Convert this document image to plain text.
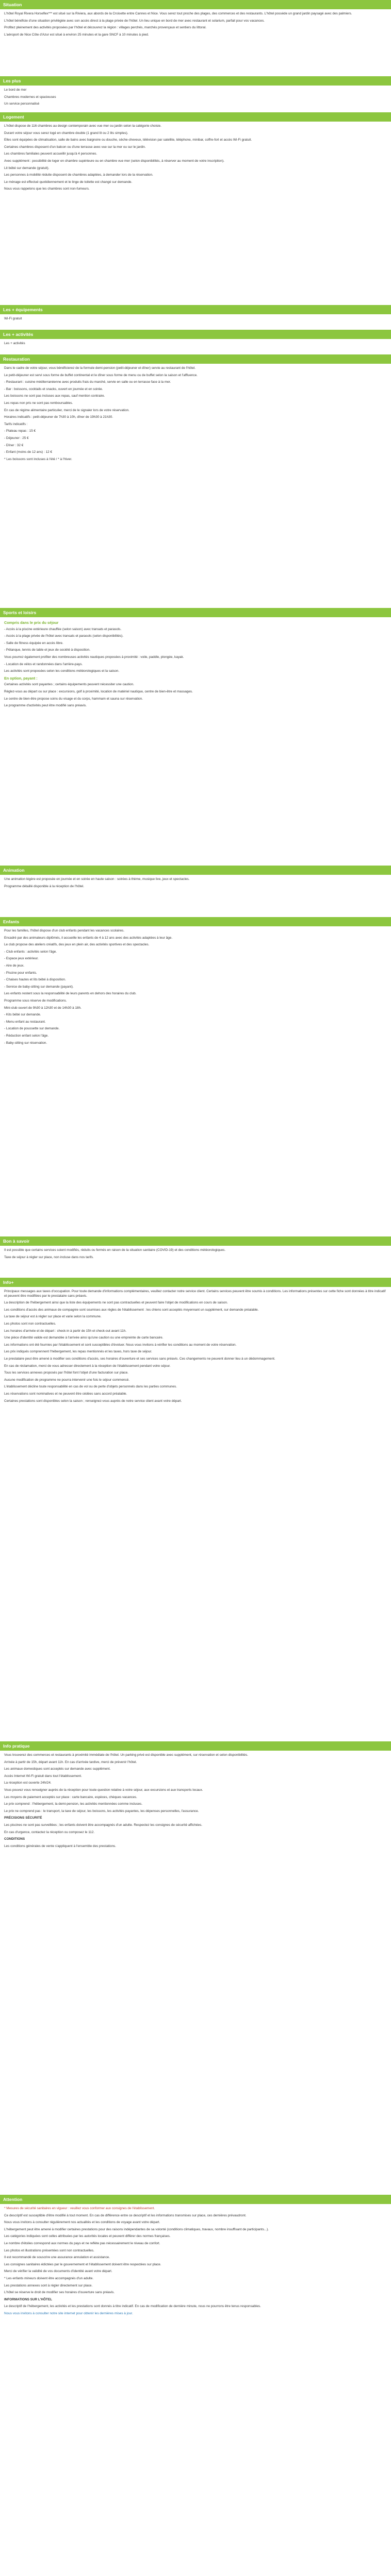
Situation

L'hôtel Royal Rivera Horseflex*** est situé sur la Riviera, aux abords de la Croisette entre Cannes et Nice. Vous serez tout proche des plages, des commerces et des restaurants. L'hôtel possède un grand jardin paysagé avec des palmiers.

L'hôtel bénéficie d'une situation privilégiée avec son accès direct à la plage privée de l'hôtel. Un lieu unique en bord de mer avec restaurant et solarium, parfait pour vos vacances.

Profitez pleinement des activités proposées par l'hôtel et découvrez la région : villages perchés, marchés provençaux et sentiers du littoral.

L'aéroport de Nice Côte d'Azur est situé à environ 25 minutes et la gare SNCF à 10 minutes à pied.

Les plus

Le bord de mer

Chambres modernes et spacieuses

Un service personnalisé

Logement

L'hôtel dispose de 116 chambres au design contemporain avec vue mer ou jardin selon la catégorie choisie.

Durant votre séjour vous serez logé en chambre double (1 grand lit ou 2 lits simples).

Elles sont équipées de climatisation, salle de bains avec baignoire ou douche, sèche-cheveux, télévision par satellite, téléphone, minibar, coffre-fort et accès Wi-Fi gratuit.

Certaines chambres disposent d'un balcon ou d'une terrasse avec vue sur la mer ou sur le jardin.

Les chambres familiales peuvent accueillir jusqu'à 4 personnes.

Avec supplément : possibilité de loger en chambre supérieure ou en chambre vue mer (selon disponibilités, à réserver au moment de votre inscription).

Lit bébé sur demande (gratuit).

Les personnes à mobilité réduite disposent de chambres adaptées, à demander lors de la réservation.

Le ménage est effectué quotidiennement et le linge de toilette est changé sur demande.

Nous vous rappelons que les chambres sont non-fumeurs.

Les + équipements

Wi-Fi gratuit

Les + activités

Les + activités

Restauration

Dans le cadre de votre séjour, vous bénéficierez de la formule demi-pension (petit-déjeuner et dîner) servie au restaurant de l'hôtel.

Le petit-déjeuner est servi sous forme de buffet continental et le dîner sous forme de menu ou de buffet selon la saison et l'affluence.

- Restaurant : cuisine méditerranéenne avec produits frais du marché, servie en salle ou en terrasse face à la mer.

- Bar : boissons, cocktails et snacks, ouvert en journée et en soirée.

Les boissons ne sont pas incluses aux repas, sauf mention contraire.

Les repas non pris ne sont pas remboursables.

En cas de régime alimentaire particulier, merci de le signaler lors de votre réservation.

Horaires indicatifs : petit-déjeuner de 7h30 à 10h, dîner de 19h30 à 21h30.

Tarifs indicatifs :

- Plateau repas : 15 €

- Déjeuner : 25 €

- Dîner : 32 €

- Enfant (moins de 12 ans) : 12 €

* Les boissons sont incluses à l'été / * à l'hiver.

Sports et loisirs

Compris dans le prix du séjour

- Accès à la piscine extérieure chauffée (selon saison) avec transats et parasols.

- Accès à la plage privée de l'hôtel avec transats et parasols (selon disponibilités).

- Salle de fitness équipée en accès libre.

- Pétanque, tennis de table et jeux de société à disposition.

Vous pourrez également profiter des nombreuses activités nautiques proposées à proximité : voile, paddle, plongée, kayak.

- Location de vélos et randonnées dans l'arrière-pays.

Les activités sont proposées selon les conditions météorologiques et la saison.

En option, payant :

Certaines activités sont payantes ; certains équipements peuvent nécessiter une caution.

Réglez-vous au départ ou sur place : excursions, golf à proximité, location de matériel nautique, centre de bien-être et massages.

Le centre de bien-être propose soins du visage et du corps, hammam et sauna sur réservation.

Le programme d'activités peut être modifié sans préavis.

Animation

Une animation légère est proposée en journée et en soirée en haute saison : soirées à thème, musique live, jeux et spectacles.

Programme détaillé disponible à la réception de l'hôtel.

Enfants

Pour les familles, l'hôtel dispose d'un club enfants pendant les vacances scolaires.

Encadré par des animateurs diplômés, il accueille les enfants de 4 à 12 ans avec des activités adaptées à leur âge.

Le club propose des ateliers créatifs, des jeux en plein air, des activités sportives et des spectacles.

- Club enfants : activités selon l'âge.

- Espace jeux extérieur.

- Aire de jeux.

- Piscine pour enfants.

- Chaises hautes et lits bébé à disposition.

- Service de baby-sitting sur demande (payant).

Les enfants restent sous la responsabilité de leurs parents en dehors des horaires du club.

Programme sous réserve de modifications.

Mini-club ouvert de 9h30 à 12h30 et de 14h30 à 18h.

- Kits bébé sur demande.

- Menu enfant au restaurant.

- Location de poussette sur demande.

- Réduction enfant selon l'âge.

- Baby-sitting sur réservation.

Bon à savoir

Il est possible que certains services soient modifiés, réduits ou fermés en raison de la situation sanitaire (COVID-19) et des conditions météorologiques.

Taxe de séjour à régler sur place, non incluse dans nos tarifs.

Info+

Principaux messages aux taxes d'occupation. Pour toute demande d'informations complémentaires, veuillez contacter notre service client. Certains services peuvent être soumis à conditions. Les informations présentes sur cette fiche sont données à titre indicatif et peuvent être modifiées par le prestataire sans préavis.

La description de l'hébergement ainsi que la liste des équipements ne sont pas contractuelles et peuvent faire l'objet de modifications en cours de saison.

Les conditions d'accès des animaux de compagnie sont soumises aux règles de l'établissement : les chiens sont acceptés moyennant un supplément, sur demande préalable.

La taxe de séjour est à régler sur place et varie selon la commune.

Les photos sont non contractuelles.

Les horaires d'arrivée et de départ : check-in à partir de 15h et check-out avant 11h.

Une pièce d'identité valide est demandée à l'arrivée ainsi qu'une caution ou une empreinte de carte bancaire.

Les informations ont été fournies par l'établissement et sont susceptibles d'évoluer. Nous vous invitons à vérifier les conditions au moment de votre réservation.

Les prix indiqués comprennent l'hébergement, les repas mentionnés et les taxes, hors taxe de séjour.

Le prestataire peut être amené à modifier ses conditions d'accès, ses horaires d'ouverture et ses services sans préavis. Ces changements ne peuvent donner lieu à un dédommagement.

En cas de réclamation, merci de vous adresser directement à la réception de l'établissement pendant votre séjour.

Tous les services annexes proposés par l'hôtel font l'objet d'une facturation sur place.

Aucune modification de programme ne pourra intervenir une fois le séjour commencé.

L'établissement décline toute responsabilité en cas de vol ou de perte d'objets personnels dans les parties communes.

Les réservations sont nominatives et ne peuvent être cédées sans accord préalable.

Certaines prestations sont disponibles selon la saison ; renseignez-vous auprès de notre service client avant votre départ.

Info pratique

Vous trouverez des commerces et restaurants à proximité immédiate de l'hôtel. Un parking privé est disponible avec supplément, sur réservation et selon disponibilités.

Arrivée à partir de 15h, départ avant 11h. En cas d'arrivée tardive, merci de prévenir l'hôtel.

Les animaux domestiques sont acceptés sur demande avec supplément.

Accès Internet Wi-Fi gratuit dans tout l'établissement.

La réception est ouverte 24h/24.

Vous pouvez vous renseigner auprès de la réception pour toute question relative à votre séjour, aux excursions et aux transports locaux.

Les moyens de paiement acceptés sur place : carte bancaire, espèces, chèques vacances.

Le prix comprend : l'hébergement, la demi-pension, les activités mentionnées comme incluses.

Le prix ne comprend pas : le transport, la taxe de séjour, les boissons, les activités payantes, les dépenses personnelles, l'assurance.

PRÉCISIONS SÉCURITÉ

Les piscines ne sont pas surveillées ; les enfants doivent être accompagnés d'un adulte. Respectez les consignes de sécurité affichées.

En cas d'urgence, contactez la réception ou composez le 112.

CONDITIONS

Les conditions générales de vente s'appliquent à l'ensemble des prestations.

Attention

* Mesures de sécurité sanitaires en vigueur : veuillez vous conformer aux consignes de l'établissement.

Ce descriptif est susceptible d'être modifié à tout moment. En cas de différence entre ce descriptif et les informations transmises sur place, ces dernières prévaudront.

Nous vous invitons à consulter régulièrement nos actualités et les conditions de voyage avant votre départ.

L'hébergement peut être amené à modifier certaines prestations pour des raisons indépendantes de sa volonté (conditions climatiques, travaux, nombre insuffisant de participants...).

Les catégories indiquées sont celles attribuées par les autorités locales et peuvent différer des normes françaises.

Le nombre d'étoiles correspond aux normes du pays et ne reflète pas nécessairement le niveau de confort.

Les photos et illustrations présentées sont non contractuelles.

Il est recommandé de souscrire une assurance annulation et assistance.

Les consignes sanitaires édictées par le gouvernement et l'établissement doivent être respectées sur place.

Merci de vérifier la validité de vos documents d'identité avant votre départ.

* Les enfants mineurs doivent être accompagnés d'un adulte.

Les prestations annexes sont à régler directement sur place.

L'hôtel se réserve le droit de modifier ses horaires d'ouverture sans préavis.

INFORMATIONS SUR L'HÔTEL

Le descriptif de l'hébergement, les activités et les prestations sont donnés à titre indicatif. En cas de modification de dernière minute, nous ne pourrons être tenus responsables.

Nous vous invitons à consulter notre site internet pour obtenir les dernières mises à jour.
